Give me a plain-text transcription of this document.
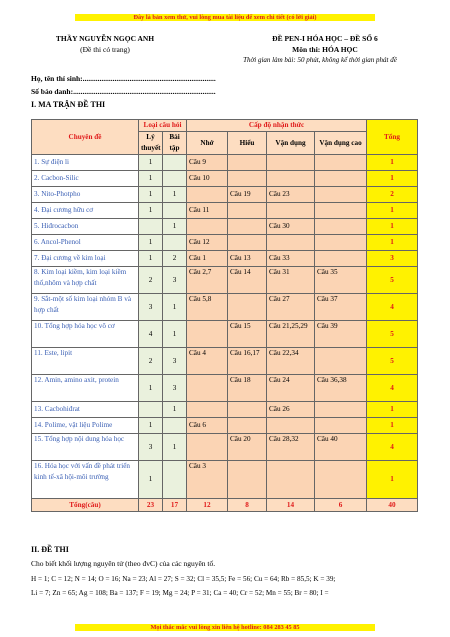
Đây là bản xem thử, vui lòng mua tài liệu để xem chi tiết (có lời giải)
THẦY NGUYỄN NGỌC ANH
(Đề thi có trang)
ĐỀ PEN-I HÓA HỌC – ĐỀ SỐ 6
Môn thi: HÓA HỌC
Thời gian làm bài: 50 phút, không kể thời gian phát đề
Họ, tên thí sinh:.......................................................................
Số báo danh:............................................................................
I. MA TRẬN ĐỀ THI
Chuyên đề	Loại câu hỏi		Cấp độ nhận thức				Tổng
	Lý thuyết	Bài tập	Nhớ	Hiểu	Vận dụng	Vận dụng cao	

1. Sự điện li	1		Câu 9				1
2. Cacbon-Silic	1		Câu 10				1
3. Nito-Photpho	1	1		Câu 19	Câu 23		2
4. Đại cương hữu cơ	1		Câu 11				1
5. Hiđrocacbon		1			Câu 30		1
6. Ancol-Phenol	1		Câu 12				1
7. Đại cương về kim loại	1	2	Câu 1	Câu 13	Câu 33		3
8. Kim loại kiềm, kim loại kiềm thổ,nhôm và hợp chất	2	3	Câu 2,7	Câu 14	Câu 31	Câu 35	5
9. Sắt-một số kim loại nhóm B và hợp chất	3	1	Câu 5,8		Câu 27	Câu 37	4
10. Tổng hợp hóa học vô cơ	4	1		Câu 15	Câu 21,25,29	Câu 39	5
11. Este, lipit	2	3	Câu 4	Câu 16,17	Câu 22,34		5
12. Amin, amino axit, protein	1	3		Câu 18	Câu 24	Câu 36,38	4
13. Cacbohiđrat		1			Câu 26		1
14. Polime, vật liệu Polime	1		Câu 6				1
15. Tổng hợp nội dung hóa học	3	1		Câu 20	Câu 28,32	Câu 40	4
16. Hóa học với vấn đề phát triển kinh tế-xã hội-môi trường	1		Câu 3				1
Tổng(câu)	23	17	12	8	14	6	40
II. ĐỀ THI
Cho biết khối lượng nguyên tử (theo đvC) của các nguyên tố.
H = 1; C = 12; N = 14; O = 16; Na = 23; Al = 27; S = 32; Cl = 35,5; Fe = 56; Cu = 64; Rb = 85,5; K = 39;
Li = 7; Zn = 65; Ag = 108; Ba = 137; F = 19; Mg = 24; P = 31; Ca = 40; Cr = 52; Mn = 55; Br = 80; I =
Mọi thắc mắc vui lòng xin liên hệ hotline: 084 283 45 85
